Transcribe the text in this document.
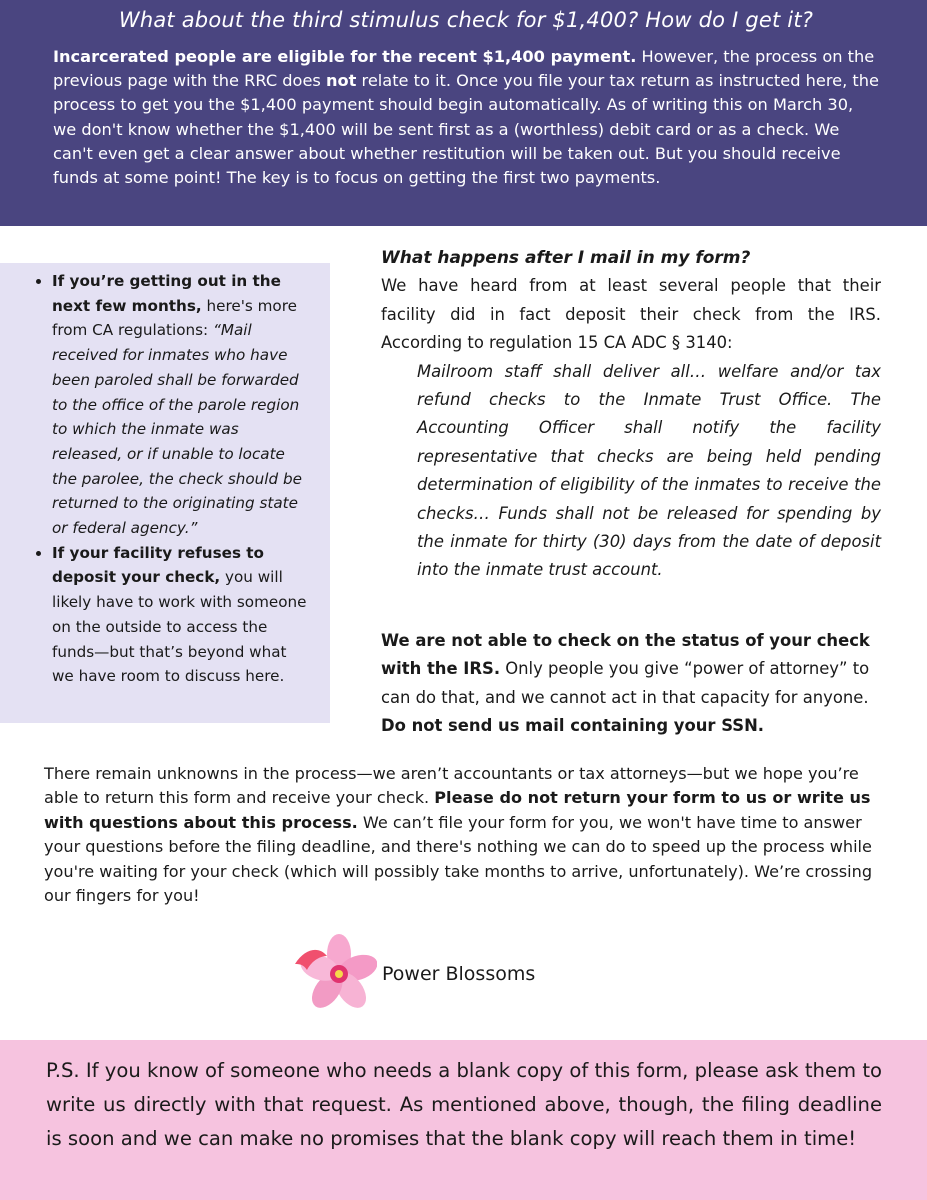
What about the third stimulus check for $1,400? How do I get it?

Incarcerated people are eligible for the recent $1,400 payment. However, the process on the previous page with the RRC does not relate to it. Once you file your tax return as instructed here, the process to get you the $1,400 payment should begin automatically. As of writing this on March 30, we don't know whether the $1,400 will be sent first as a (worthless) debit card or as a check. We can't even get a clear answer about whether restitution will be taken out. But you should receive funds at some point! The key is to focus on getting the first two payments.

• If you’re getting out in the next few months, here's more from CA regulations: “Mail received for inmates who have been paroled shall be forwarded to the office of the parole region to which the inmate was released, or if unable to locate the parolee, the check should be returned to the originating state or federal agency.”
• If your facility refuses to deposit your check, you will likely have to work with someone on the outside to access the funds—but that’s beyond what we have room to discuss here.

What happens after I mail in my form?

We have heard from at least several people that their facility did in fact deposit their check from the IRS. According to regulation 15 CA ADC § 3140:

Mailroom staff shall deliver all… welfare and/or tax refund checks to the Inmate Trust Office. The Accounting Officer shall notify the facility representative that checks are being held pending determination of eligibility of the inmates to receive the checks… Funds shall not be released for spending by the inmate for thirty (30) days from the date of deposit into the inmate trust account.

We are not able to check on the status of your check with the IRS. Only people you give “power of attorney” to can do that, and we cannot act in that capacity for anyone. Do not send us mail containing your SSN.

There remain unknowns in the process—we aren’t accountants or tax attorneys—but we hope you’re able to return this form and receive your check. Please do not return your form to us or write us with questions about this process. We can’t file your form for you, we won't have time to answer your questions before the filing deadline, and there's nothing we can do to speed up the process while you're waiting for your check (which will possibly take months to arrive, unfortunately). We’re crossing our fingers for you!

Power Blossoms

P.S. If you know of someone who needs a blank copy of this form, please ask them to write us directly with that request. As mentioned above, though, the filing deadline is soon and we can make no promises that the blank copy will reach them in time!
